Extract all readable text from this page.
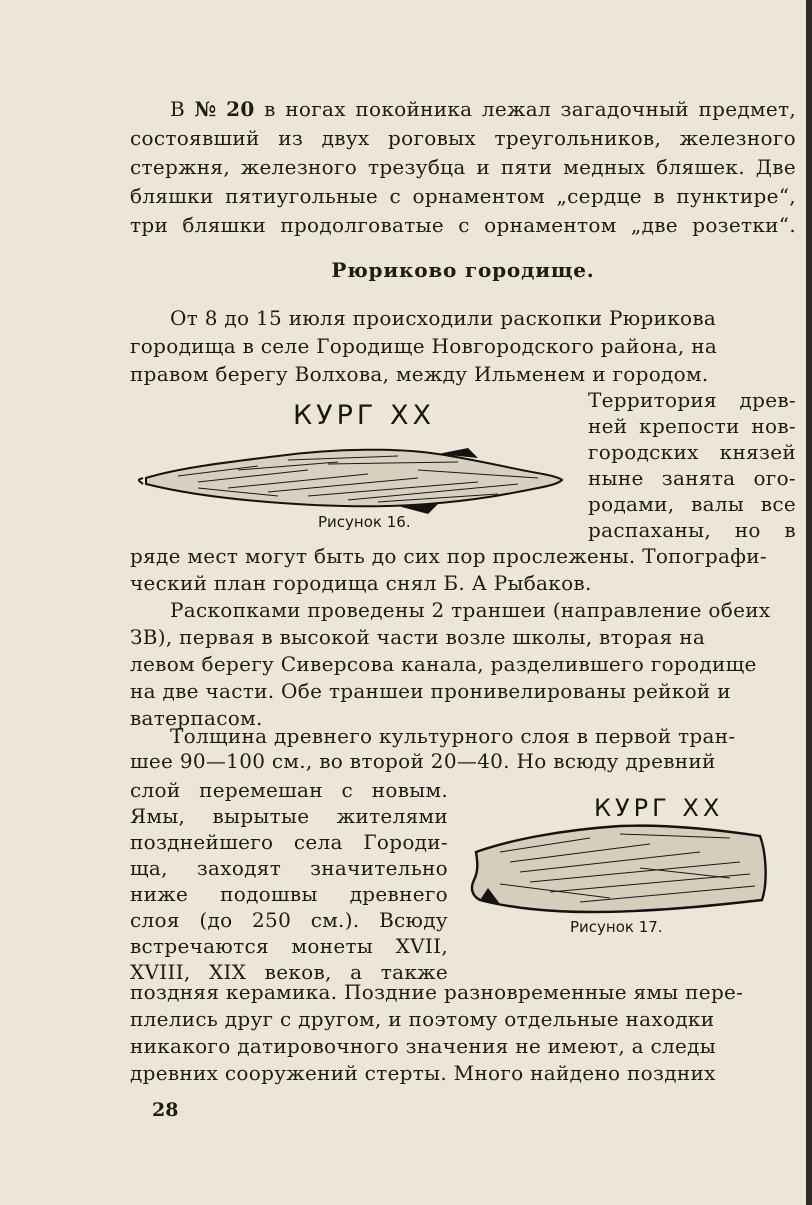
В № 20 в ногах покойника лежал загадочный предмет,
состоявший из двух роговых треугольников, железного
стержня, железного трезубца и пяти медных бляшек. Две
бляшки пятиугольные с орнаментом „сердце в пунктире“,
три бляшки продолговатые с орнаментом „две розетки“.
Рюриково городище.
От 8 до 15 июля происходили раскопки Рюрикова
городища в селе Городище Новгородского района, на
правом берегу Волхова, между Ильменем и городом.
КУРГ XX
Рисунок 16.
Территория древ-
ней крепости нов-
городских князей
ныне занята ого-
родами, валы все
распаханы, но в
ряде мест могут быть до сих пор прослежены. Топографи-
ческий план городища снял Б. А Рыбаков.
Раскопками проведены 2 траншеи (направление обеих
ЗВ), первая в высокой части возле школы, вторая на
левом берегу Сиверсова канала, разделившего городище
на две части. Обе траншеи пронивелированы рейкой и
ватерпасом.
Толщина древнего культурного слоя в первой тран-
шее 90—100 см., во второй 20—40. Но всюду древний
слой перемешан с новым.
Ямы, вырытые жителями
позднейшего села Городи-
ща, заходят значительно
ниже подошвы древнего
слоя (до 250 см.). Всюду
встречаются монеты XVII,
XVIII, XIX веков, а также
КУРГ XX
Рисунок 17.
поздняя керамика. Поздние разновременные ямы пере-
плелись друг с другом, и поэтому отдельные находки
никакого датировочного значения не имеют, а следы
древних сооружений стерты. Много найдено поздних
28
